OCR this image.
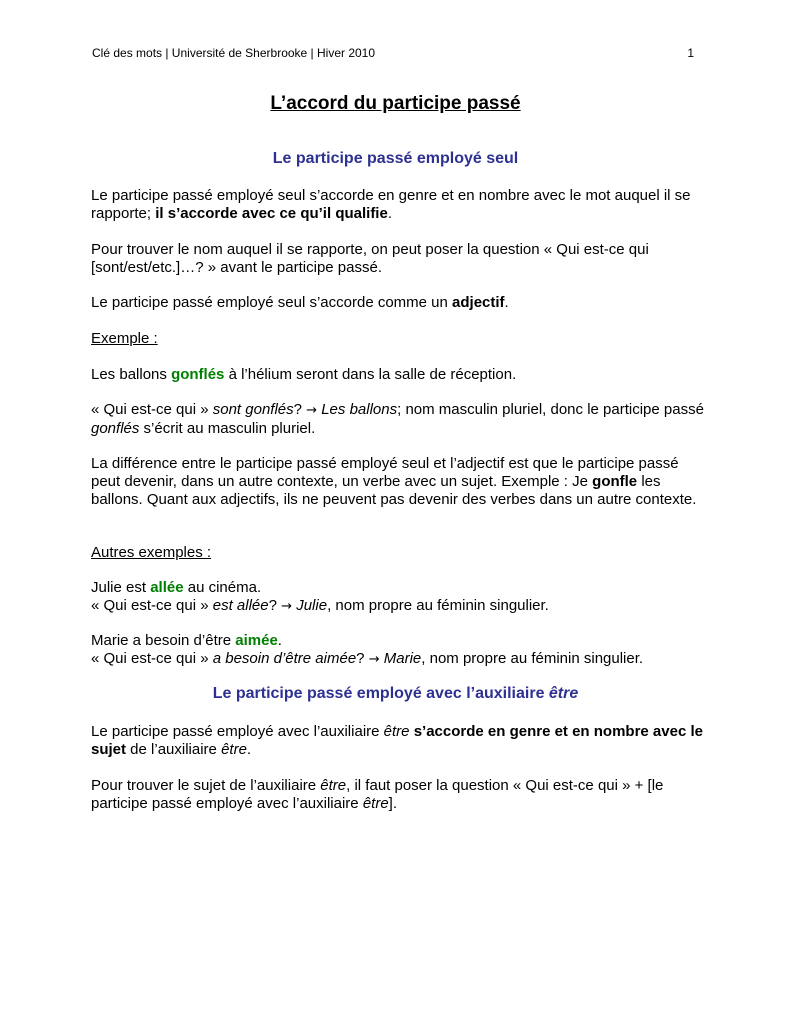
Clé des mots | Université de Sherbrooke | Hiver 2010	1
L’accord du participe passé
Le participe passé employé seul

Le participe passé employé seul s’accorde en genre et en nombre avec le mot auquel il se rapporte; il s’accorde avec ce qu’il qualifie.

Pour trouver le nom auquel il se rapporte, on peut poser la question « Qui est-ce qui [sont/est/etc.]…? » avant le participe passé.

Le participe passé employé seul s’accorde comme un adjectif.

Exemple :

Les ballons gonflés à l’hélium seront dans la salle de réception.

« Qui est-ce qui » sont gonflés? → Les ballons; nom masculin pluriel, donc le participe passé gonflés s’écrit au masculin pluriel.

La différence entre le participe passé employé seul et l’adjectif est que le participe passé peut devenir, dans un autre contexte, un verbe avec un sujet. Exemple : Je gonfle les ballons. Quant aux adjectifs, ils ne peuvent pas devenir des verbes dans un autre contexte.

Autres exemples :

Julie est allée au cinéma.
« Qui est-ce qui » est allée? → Julie, nom propre au féminin singulier.

Marie a besoin d’être aimée.
« Qui est-ce qui » a besoin d’être aimée? → Marie, nom propre au féminin singulier.

Le participe passé employé avec l’auxiliaire être

Le participe passé employé avec l’auxiliaire être s’accorde en genre et en nombre avec le sujet de l’auxiliaire être.

Pour trouver le sujet de l’auxiliaire être, il faut poser la question « Qui est-ce qui » + [le participe passé employé avec l’auxiliaire être].
